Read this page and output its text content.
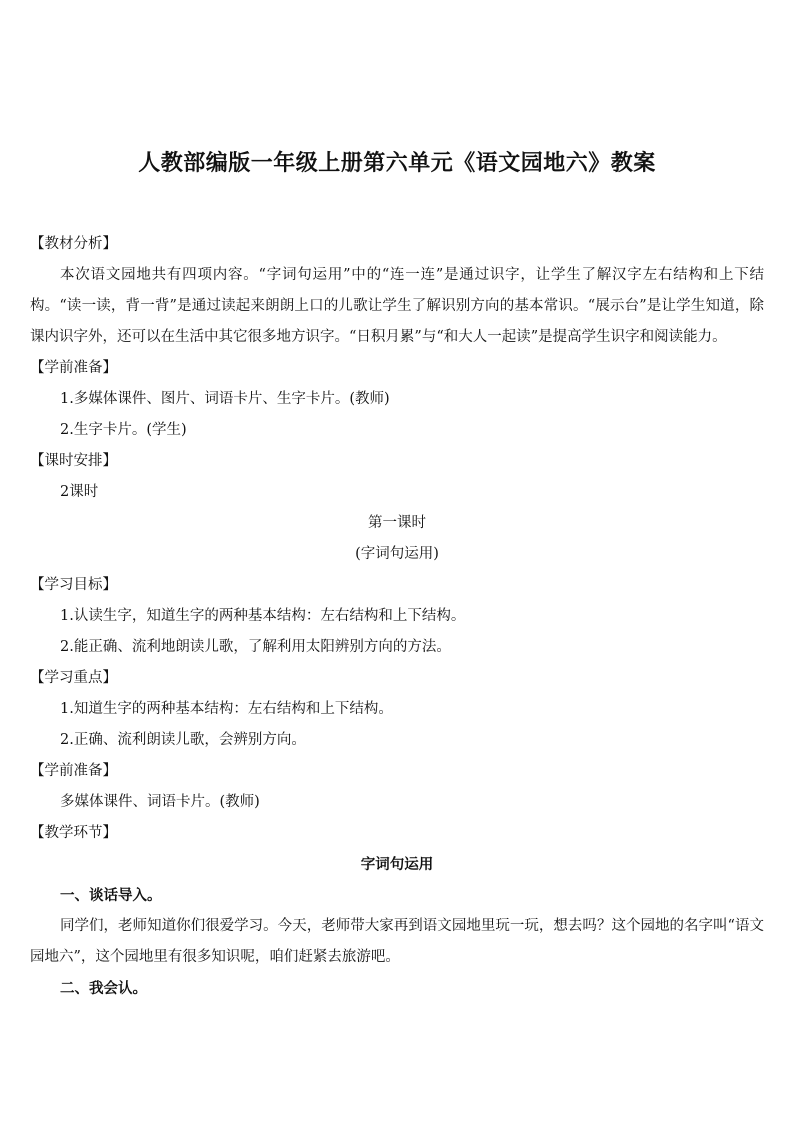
人教部编版一年级上册第六单元《语文园地六》教案
【教材分析】
本次语文园地共有四项内容。“字词句运用”中的“连一连”是通过识字，让学生了解汉字左右结构和上下结构。“读一读，背一背”是通过读起来朗朗上口的儿歌让学生了解识别方向的基本常识。“展示台”是让学生知道，除课内识字外，还可以在生活中其它很多地方识字。“日积月累”与“和大人一起读”是提高学生识字和阅读能力。
【学前准备】
1.多媒体课件、图片、词语卡片、生字卡片。(教师)
2.生字卡片。(学生)
【课时安排】
2课时
第一课时
(字词句运用)
【学习目标】
1.认读生字，知道生字的两种基本结构：左右结构和上下结构。
2.能正确、流利地朗读儿歌，了解利用太阳辨别方向的方法。
【学习重点】
1.知道生字的两种基本结构：左右结构和上下结构。
2.正确、流利朗读儿歌，会辨别方向。
【学前准备】
多媒体课件、词语卡片。(教师)
【教学环节】
字词句运用
一、谈话导入。
同学们，老师知道你们很爱学习。今天，老师带大家再到语文园地里玩一玩，想去吗？这个园地的名字叫“语文园地六”，这个园地里有很多知识呢，咱们赶紧去旅游吧。
二、我会认。
